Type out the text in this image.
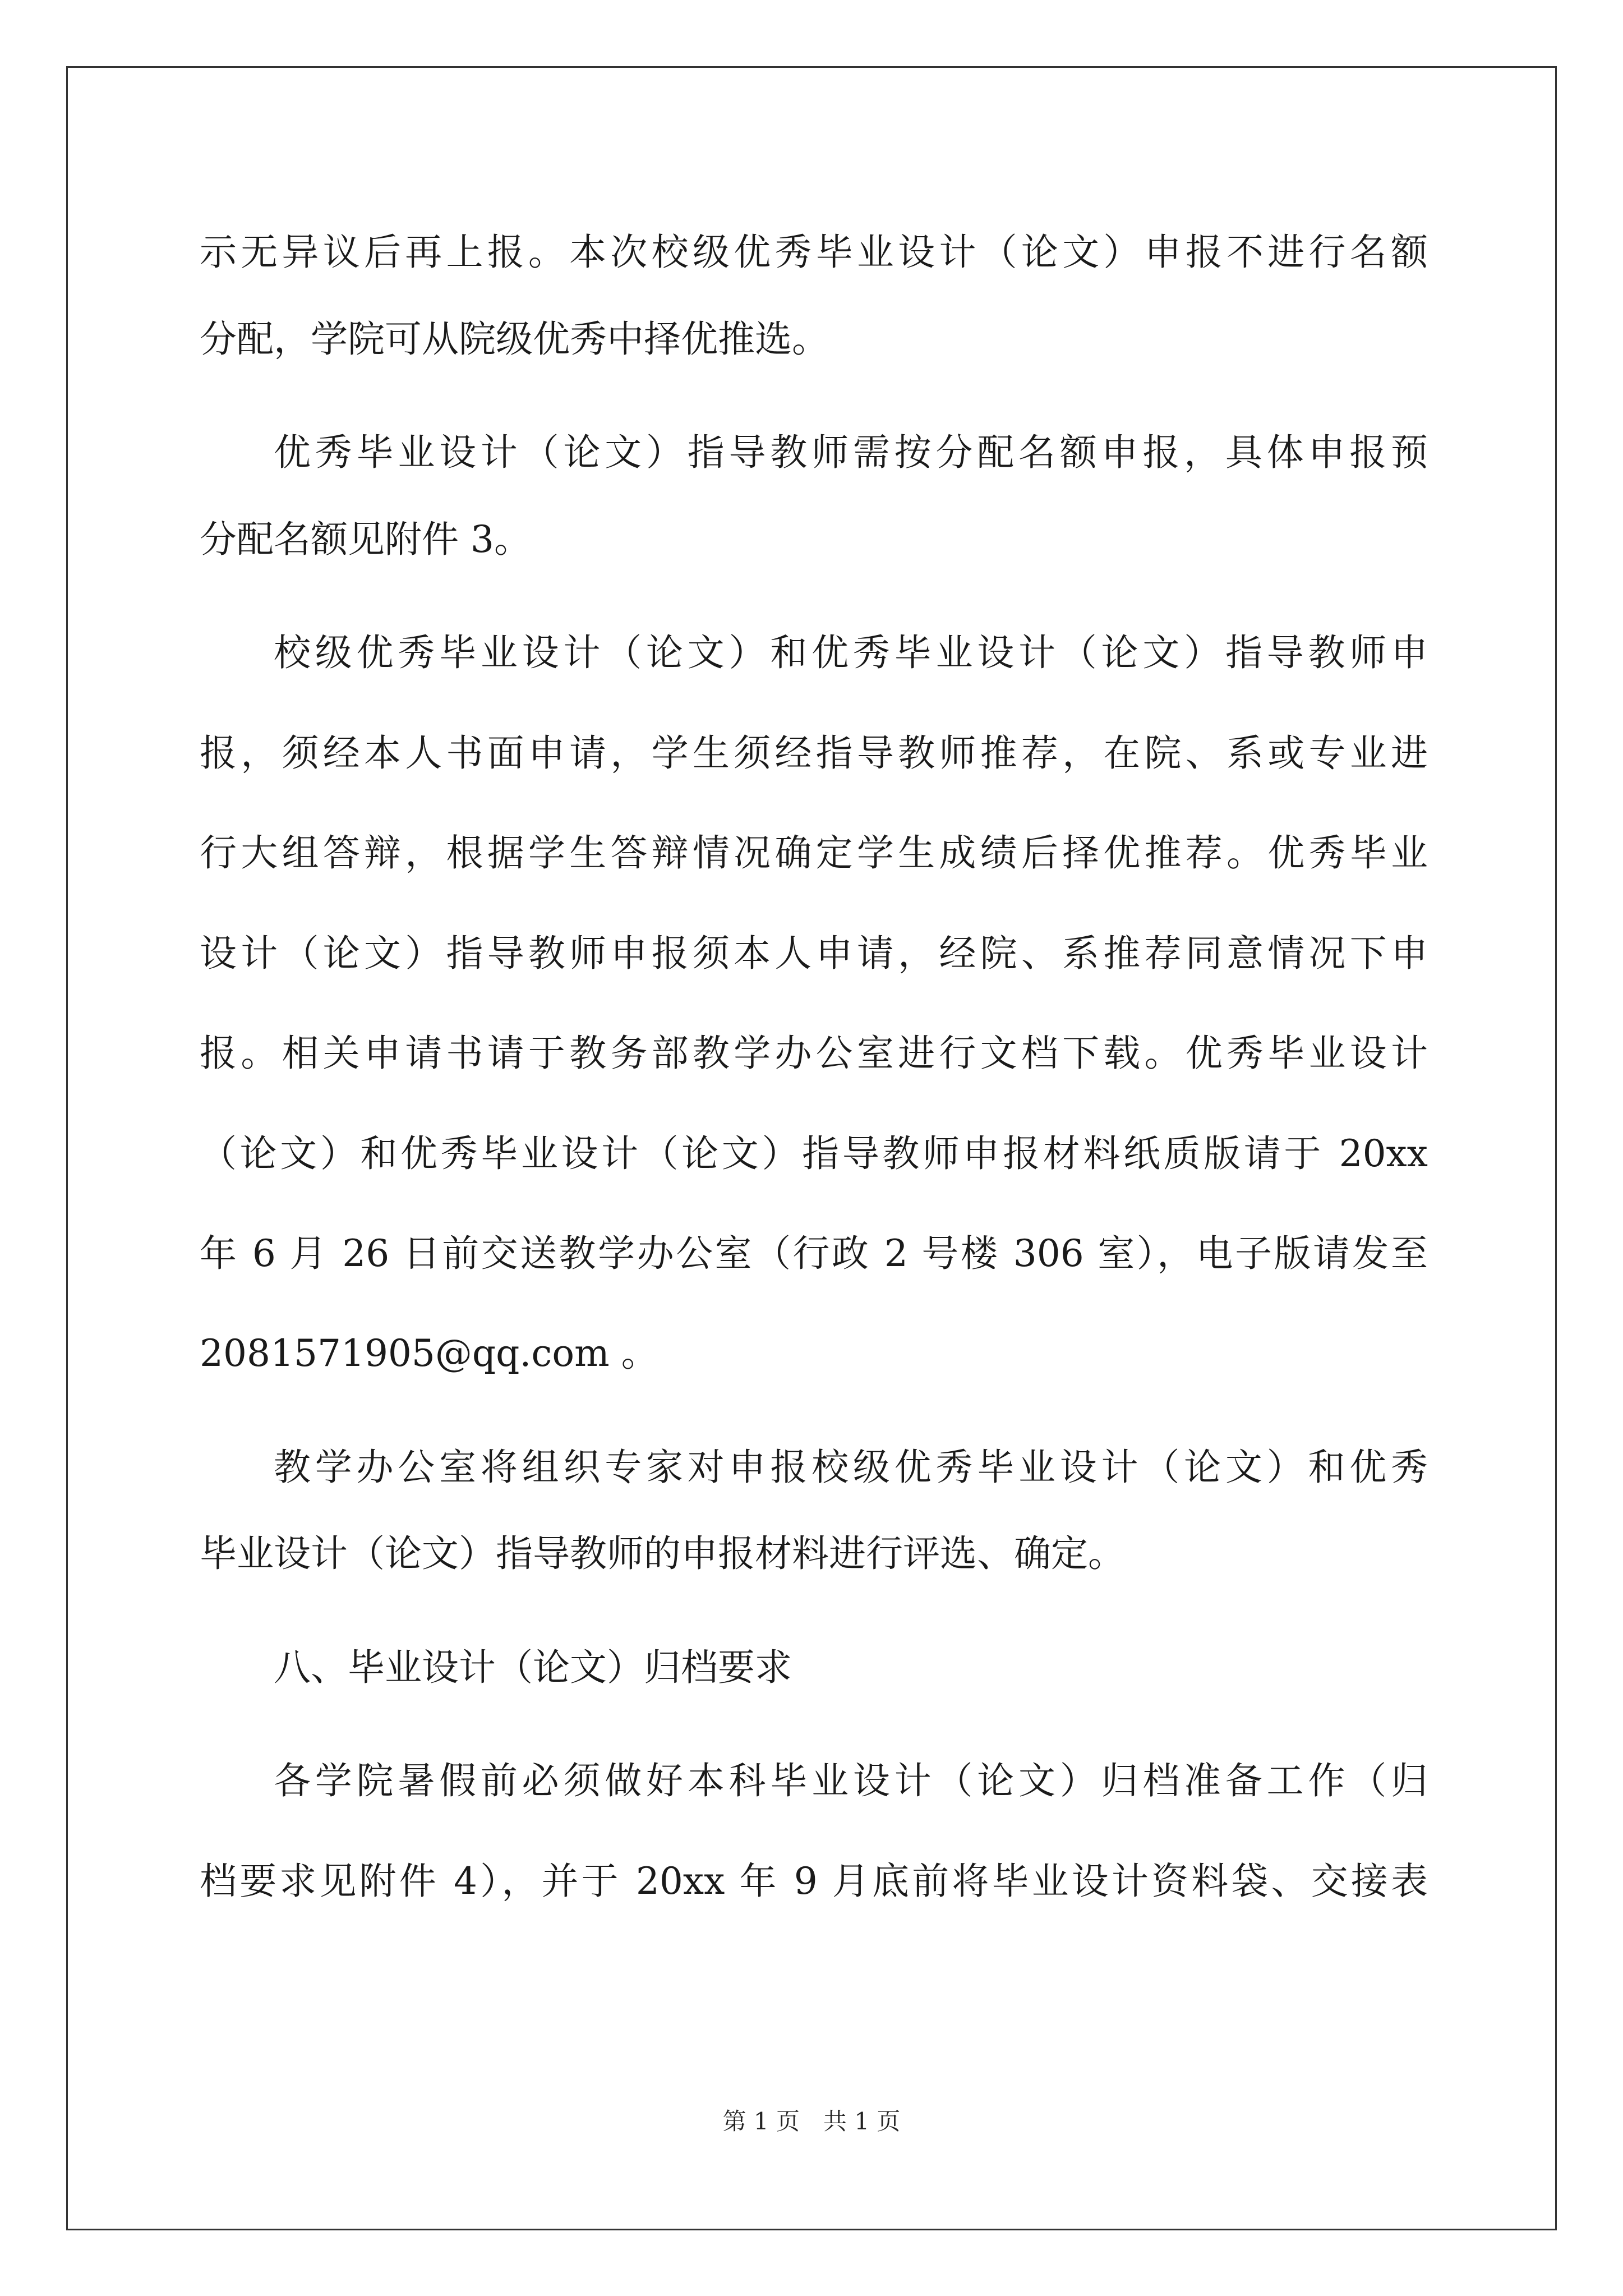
示无异议后再上报。本次校级优秀毕业设计（论文）申报不进行名额
分配，学院可从院级优秀中择优推选。
优秀毕业设计（论文）指导教师需按分配名额申报，具体申报预
分配名额见附件 3。
校级优秀毕业设计（论文）和优秀毕业设计（论文）指导教师申
报，须经本人书面申请，学生须经指导教师推荐，在院、系或专业进
行大组答辩，根据学生答辩情况确定学生成绩后择优推荐。优秀毕业
设计（论文）指导教师申报须本人申请，经院、系推荐同意情况下申
报。相关申请书请于教务部教学办公室进行文档下载。优秀毕业设计
（论文）和优秀毕业设计（论文）指导教师申报材料纸质版请于 20xx
年 6 月 26 日前交送教学办公室（行政 2 号楼 306 室），电子版请发至
2081571905@qq.com 。
教学办公室将组织专家对申报校级优秀毕业设计（论文）和优秀
毕业设计（论文）指导教师的申报材料进行评选、确定。
八、毕业设计（论文）归档要求
各学院暑假前必须做好本科毕业设计（论文）归档准备工作（归
档要求见附件 4），并于 20xx 年 9 月底前将毕业设计资料袋、交接表
第 1 页　共 1 页
